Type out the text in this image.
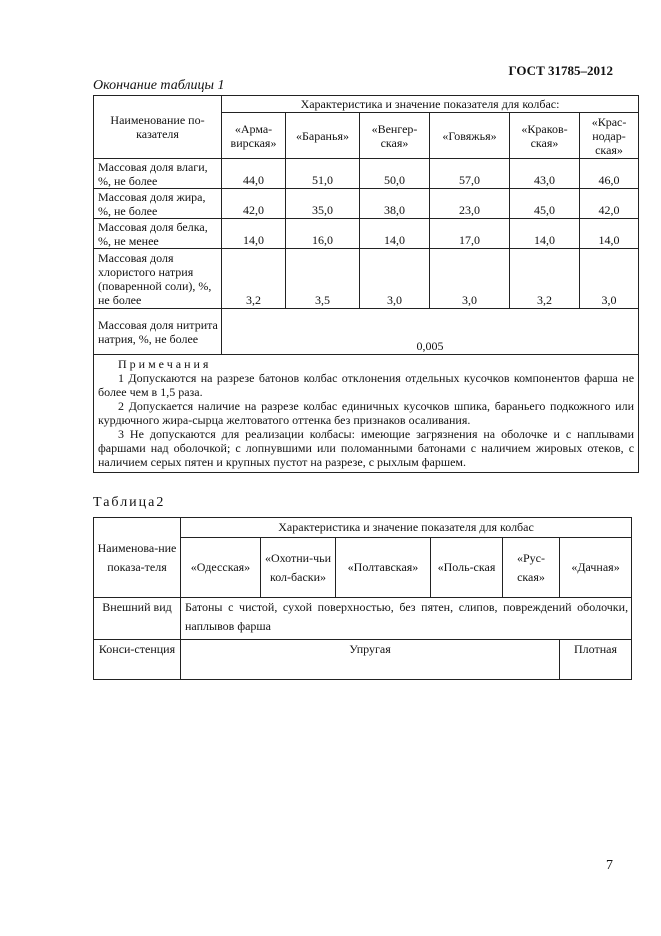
ГОСТ 31785–2012
Окончание таблицы 1
Наименование по-казателя	Характеристика и значение показателя для колбас:					
	«Арма-вирская»	«Баранья»	«Венгер-ская»	«Говяжья»	«Краков-ская»	«Крас-нодар-ская»
Массовая доля влаги, %, не более	44,0	51,0	50,0	57,0	43,0	46,0
Массовая доля жира, %, не более	42,0	35,0	38,0	23,0	45,0	42,0
Массовая доля белка, %, не менее	14,0	16,0	14,0	17,0	14,0	14,0
Массовая доля хлористого натрия (поваренной соли), %, не более	3,2	3,5	3,0	3,0	3,2	3,0
Массовая доля нитрита натрия, %, не более	0,005					

Примечания
1 Допускаются на разрезе батонов колбас отклонения отдельных кусочков компонентов фарша не более чем в 1,5 раза.
2 Допускается наличие на разрезе колбас единичных кусочков шпика, бараньего подкожного или курдючного жира-сырца желтоватого оттенка без признаков осаливания.
3 Не допускаются для реализации колбасы: имеющие загрязнения на оболочке и с наплывами фаршами над оболочкой; с лопнувшими или поломанными батонами с наличием жировых отеков, с наличием серых пятен и крупных пустот на разрезе, с рыхлым фаршем.						
Таблица2
Наименова-ние показа-теля	Характеристика и значение показателя для колбас					
	«Одесская»	«Охотни-чьи кол-баски»	«Полтавская»	«Поль-ская	«Рус-ская»	«Дачная»
Внешний вид	Батоны с чистой, сухой поверхностью, без пятен, слипов, повреждений оболочки, наплывов фарша					
Конси-стенция	Упругая					Плотная
7
